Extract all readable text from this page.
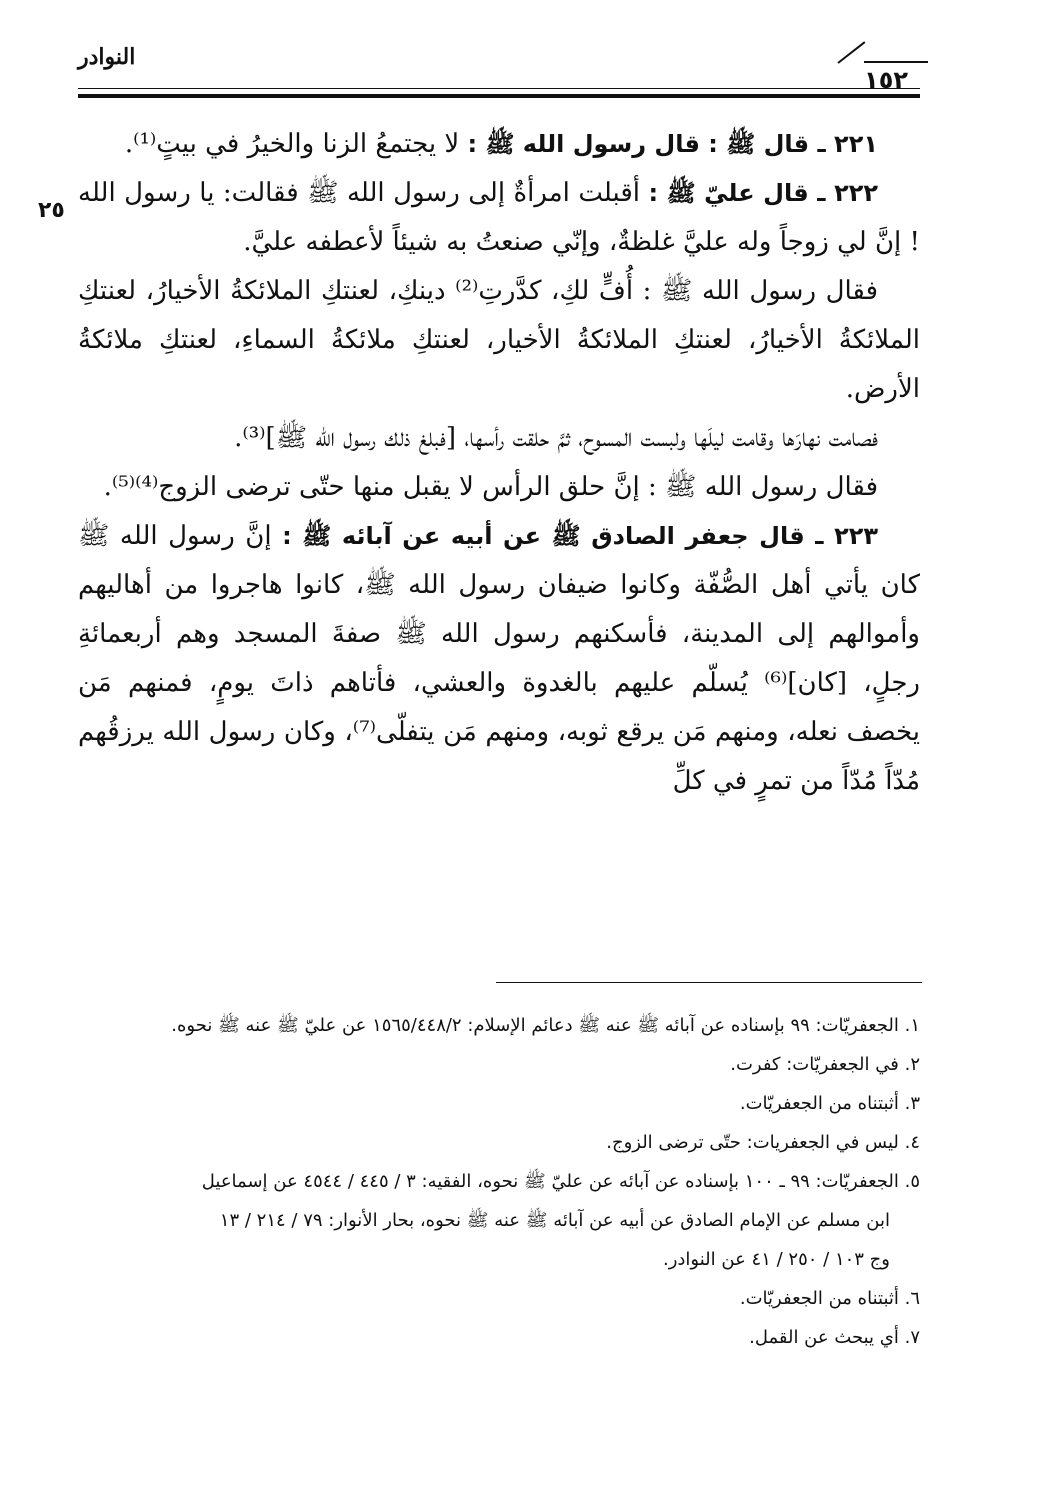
النوادر
١٥٢
٢٥

٢٢١ ـ قال ﷺ : قال رسول الله ﷺ : لا يجتمعُ الزنا والخيرُ في بيتٍ⁽¹⁾.

٢٢٢ ـ قال عليّ ﷺ : أقبلت امرأةٌ إلى رسول الله ﷺ فقالت: يا رسول الله ! إنَّ لي زوجاً وله عليَّ غلظةٌ، وإنّي صنعتُ به شيئاً لأعطفه عليَّ.

فقال رسول الله ﷺ : أُفٍّ لكِ، كدَّرتِ⁽²⁾ دينكِ، لعنتكِ الملائكةُ الأخيارُ، لعنتكِ الملائكةُ الأخيارُ، لعنتكِ الملائكةُ الأخيار، لعنتكِ ملائكةُ السماءِ، لعنتكِ ملائكةُ الأرض.

فصامت نهارَها وقامت ليلَها ولبست المسوح، ثمَّ حلقت رأسها، [فبلغ ذلك رسول الله ﷺ]⁽³⁾.

فقال رسول الله ﷺ : إنَّ حلق الرأس لا يقبل منها حتّى ترضى الزوج⁽⁴⁾⁽⁵⁾.

٢٢٣ ـ قال جعفر الصادق ﷺ عن أبيه عن آبائه ﷺ : إنَّ رسول الله ﷺ كان يأتي أهل الصُّفّة وكانوا ضيفان رسول الله ﷺ، كانوا هاجروا من أهاليهم وأموالهم إلى المدينة، فأسكنهم رسول الله ﷺ صفةَ المسجد وهم أربعمائةِ رجلٍ، [كان]⁽⁶⁾ يُسلّم عليهم بالغدوة والعشي، فأتاهم ذاتَ يومٍ، فمنهم مَن يخصف نعله، ومنهم مَن يرقع ثوبه، ومنهم مَن يتفلّى⁽⁷⁾، وكان رسول الله يرزقُهم مُدّاً مُدّاً من تمرٍ في كلِّ

١. الجعفريّات: ٩٩ بإسناده عن آبائه ﷺ عنه ﷺ دعائم الإسلام: ١٥٦٥/٤٤٨/٢ عن عليّ ﷺ عنه ﷺ نحوه.

٢. في الجعفريّات: كفرت.

٣. أثبتناه من الجعفريّات.

٤. ليس في الجعفريات: حتّى ترضى الزوج.

٥. الجعفريّات: ٩٩ ـ ١٠٠ بإسناده عن آبائه عن عليّ ﷺ نحوه، الفقيه: ٣ / ٤٤٥ / ٤٥٤٤ عن إسماعيل

ابن مسلم عن الإمام الصادق عن أبيه عن آبائه ﷺ عنه ﷺ نحوه، بحار الأنوار: ٧٩ / ٢١٤ / ١٣

وج ١٠٣ / ٢٥٠ / ٤١ عن النوادر.

٦. أثبتناه من الجعفريّات.

٧. أي يبحث عن القمل.
